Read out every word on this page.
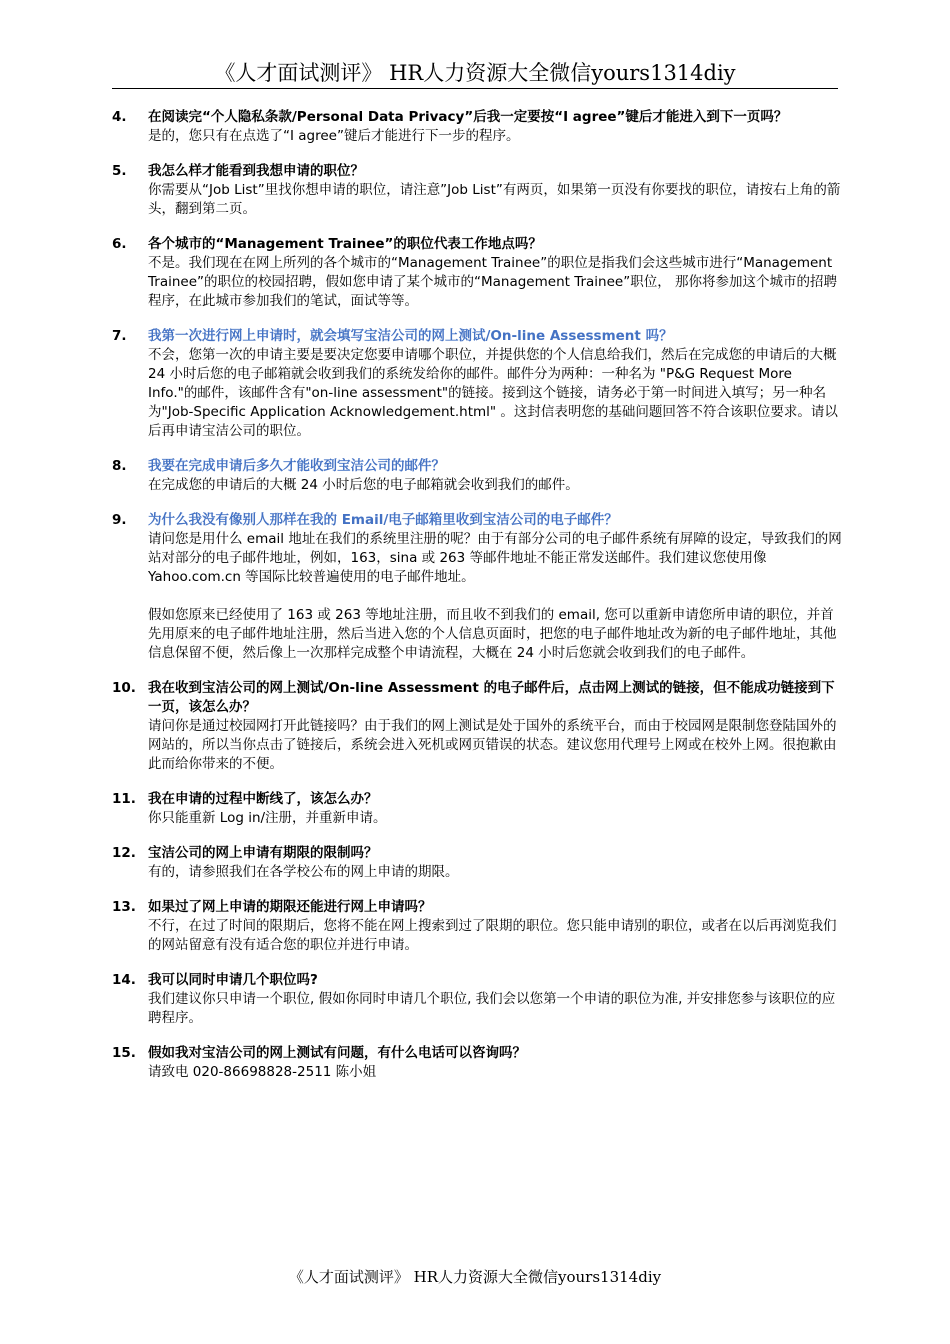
《人才面试测评》 HR人力资源大全微信yours1314diy
4. 在阅读完“个人隐私条款/Personal Data Privacy”后我一定要按“I agree”键后才能进入到下一页吗？

是的，您只有在点选了“I agree”键后才能进行下一步的程序。

5. 我怎么样才能看到我想申请的职位？

你需要从“Job List”里找你想申请的职位，请注意”Job List”有两页，如果第一页没有你要找的职位，请按右上角的箭头，翻到第二页。

6. 各个城市的“Management Trainee”的职位代表工作地点吗？

不是。我们现在在网上所列的各个城市的“Management Trainee”的职位是指我们会这些城市进行“Management Trainee”的职位的校园招聘，假如您申请了某个城市的“Management Trainee”职位， 那你将参加这个城市的招聘程序，在此城市参加我们的笔试，面试等等。

7. 我第一次进行网上申请时，就会填写宝洁公司的网上测试/On-line Assessment 吗？

不会，您第一次的申请主要是要决定您要申请哪个职位，并提供您的个人信息给我们，然后在完成您的申请后的大概 24 小时后您的电子邮箱就会收到我们的系统发给你的邮件。邮件分为两种：一种名为 "P&G Request More Info."的邮件，该邮件含有"on-line assessment"的链接。接到这个链接，请务必于第一时间进入填写；另一种名为"Job-Specific Application Acknowledgement.html" 。这封信表明您的基础问题回答不符合该职位要求。请以后再申请宝洁公司的职位。

8. 我要在完成申请后多久才能收到宝洁公司的邮件？

在完成您的申请后的大概 24 小时后您的电子邮箱就会收到我们的邮件。

9. 为什么我没有像别人那样在我的 Email/电子邮箱里收到宝洁公司的电子邮件？

请问您是用什么 email 地址在我们的系统里注册的呢？由于有部分公司的电子邮件系统有屏障的设定，导致我们的网站对部分的电子邮件地址，例如，163，sina 或 263 等邮件地址不能正常发送邮件。我们建议您使用像 Yahoo.com.cn 等国际比较普遍使用的电子邮件地址。

假如您原来已经使用了 163 或 263 等地址注册，而且收不到我们的 email, 您可以重新申请您所申请的职位，并首先用原来的电子邮件地址注册，然后当进入您的个人信息页面时，把您的电子邮件地址改为新的电子邮件地址，其他信息保留不便，然后像上一次那样完成整个申请流程，大概在 24 小时后您就会收到我们的电子邮件。

10. 我在收到宝洁公司的网上测试/On-line Assessment 的电子邮件后，点击网上测试的链接，但不能成功链接到下一页，该怎么办？

请问你是通过校园网打开此链接吗？由于我们的网上测试是处于国外的系统平台，而由于校园网是限制您登陆国外的网站的，所以当你点击了链接后，系统会进入死机或网页错误的状态。建议您用代理号上网或在校外上网。很抱歉由此而给你带来的不便。

11. 我在申请的过程中断线了，该怎么办？

你只能重新 Log in/注册，并重新申请。

12. 宝洁公司的网上申请有期限的限制吗？

有的，请参照我们在各学校公布的网上申请的期限。

13. 如果过了网上申请的期限还能进行网上申请吗？

不行，在过了时间的限期后，您将不能在网上搜索到过了限期的职位。您只能申请别的职位，或者在以后再浏览我们的网站留意有没有适合您的职位并进行申请。

14. 我可以同时申请几个职位吗?

我们建议你只申请一个职位, 假如你同时申请几个职位, 我们会以您第一个申请的职位为准, 并安排您参与该职位的应聘程序。

15. 假如我对宝洁公司的网上测试有问题，有什么电话可以咨询吗？

请致电 020-86698828-2511 陈小姐

《人才面试测评》 HR人力资源大全微信yours1314diy
